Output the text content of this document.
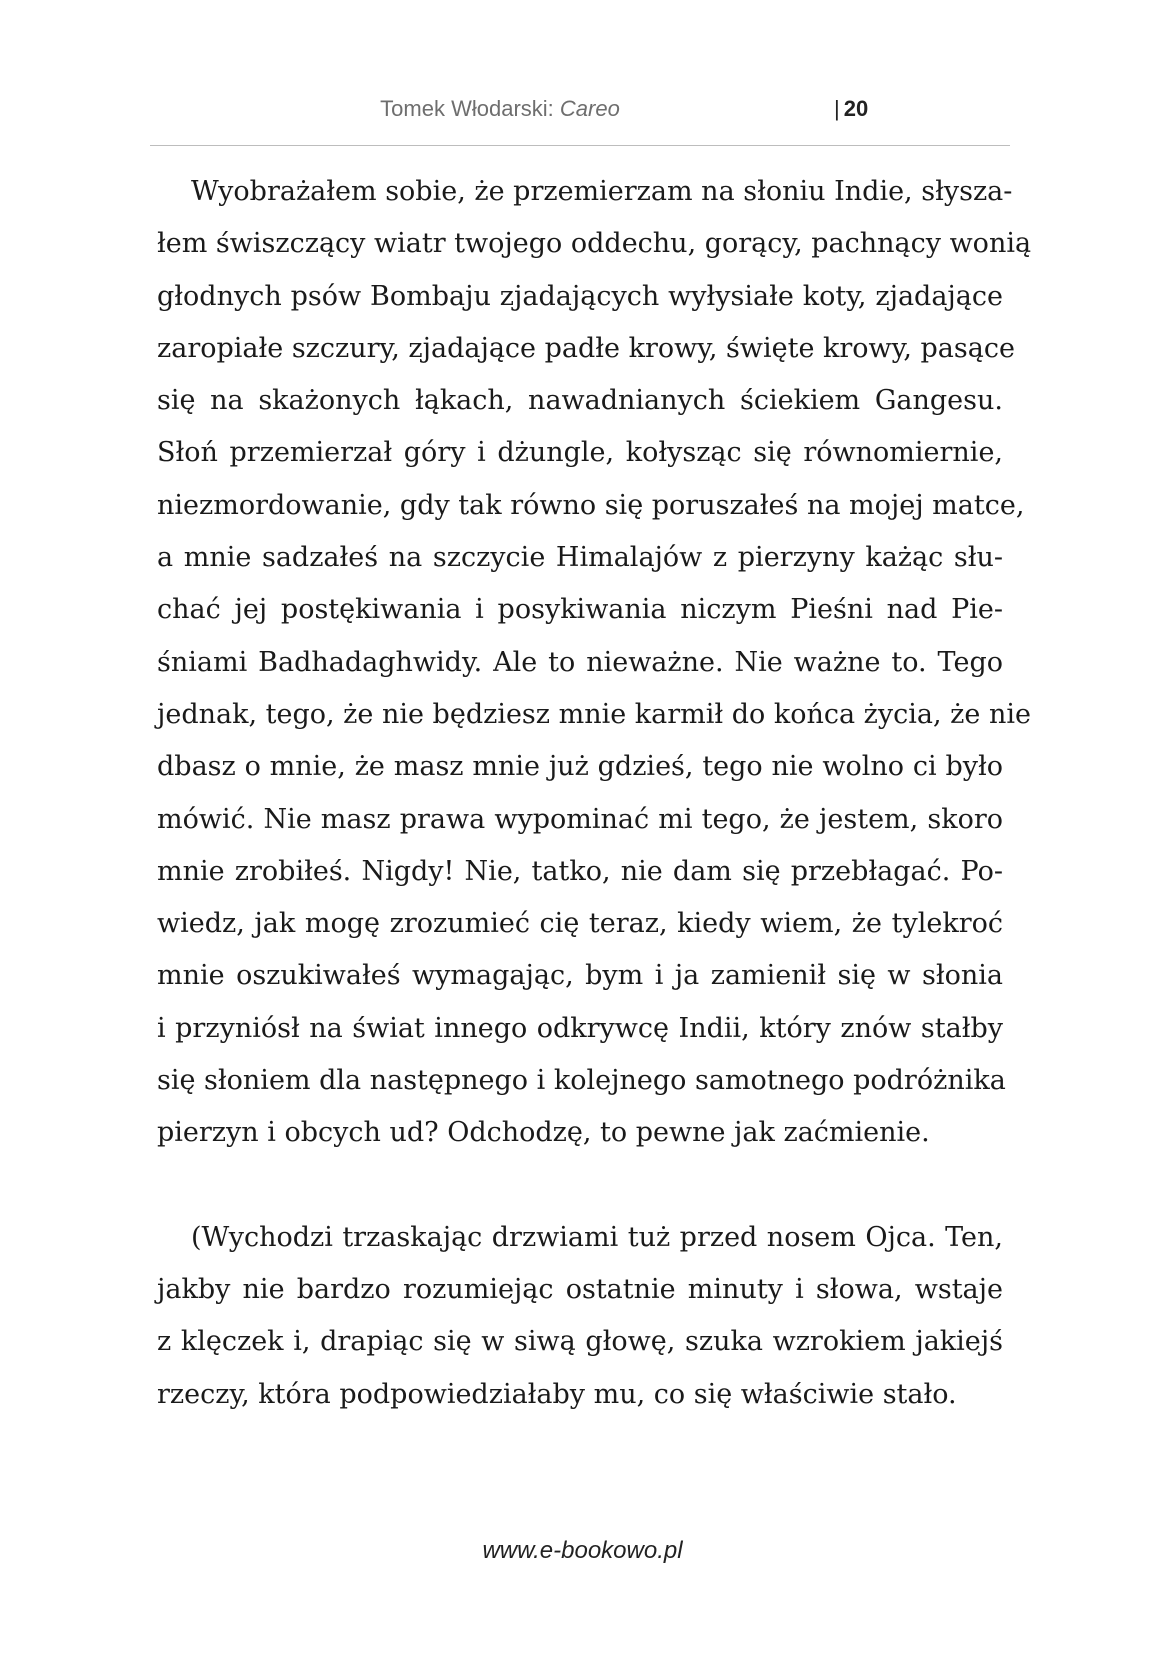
Tomek Włodarski: Careo	| 20
Wyobrażałem sobie, że przemierzam na słoniu Indie, słysza-
łem świszczący wiatr twojego oddechu, gorący, pachnący wonią
głodnych psów Bombaju zjadających wyłysiałe koty, zjadające
zaropiałe szczury, zjadające padłe krowy, święte krowy, pasące
się na skażonych łąkach, nawadnianych ściekiem Gangesu.
Słoń przemierzał góry i dżungle, kołysząc się równomiernie,
niezmordowanie, gdy tak równo się poruszałeś na mojej matce,
a mnie sadzałeś na szczycie Himalajów z pierzyny każąc słu-
chać jej postękiwania i posykiwania niczym Pieśni nad Pie-
śniami Badhadaghwidy. Ale to nieważne. Nie ważne to. Tego
jednak, tego, że nie będziesz mnie karmił do końca życia, że nie
dbasz o mnie, że masz mnie już gdzieś, tego nie wolno ci było
mówić. Nie masz prawa wypominać mi tego, że jestem, skoro
mnie zrobiłeś. Nigdy! Nie, tatko, nie dam się przebłagać. Po-
wiedz, jak mogę zrozumieć cię teraz, kiedy wiem, że tylekroć
mnie oszukiwałeś wymagając, bym i ja zamienił się w słonia
i przyniósł na świat innego odkrywcę Indii, który znów stałby
się słoniem dla następnego i kolejnego samotnego podróżnika
pierzyn i obcych ud? Odchodzę, to pewne jak zaćmienie.
(Wychodzi trzaskając drzwiami tuż przed nosem Ojca. Ten,
jakby nie bardzo rozumiejąc ostatnie minuty i słowa, wstaje
z klęczek i, drapiąc się w siwą głowę, szuka wzrokiem jakiejś
rzeczy, która podpowiedziałaby mu, co się właściwie stało.
www.e-bookowo.pl
